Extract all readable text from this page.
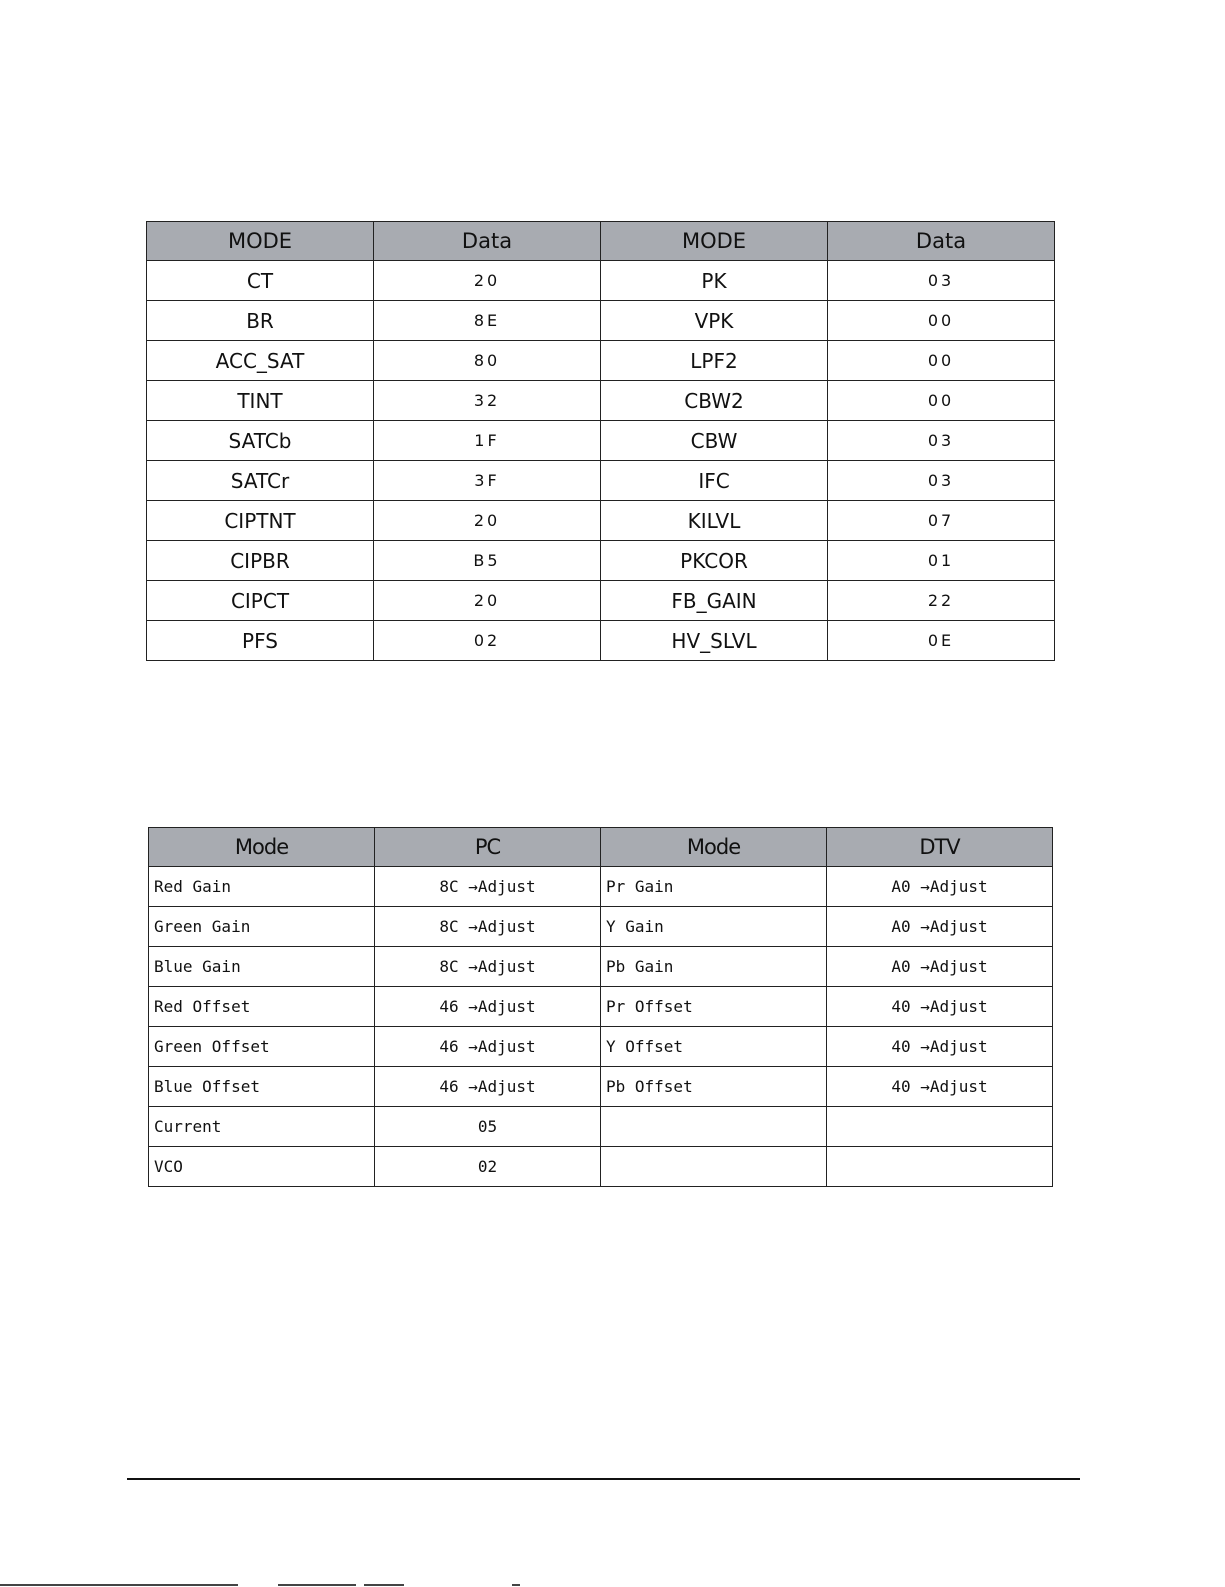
MODE	Data	MODE	Data
CT	20	PK	03
BR	8E	VPK	00
ACC_SAT	80	LPF2	00
TINT	32	CBW2	00
SATCb	1F	CBW	03
SATCr	3F	IFC	03
CIPTNT	20	KILVL	07
CIPBR	B5	PKCOR	01
CIPCT	20	FB_GAIN	22
PFS	02	HV_SLVL	0E
Mode	PC	Mode	DTV
Red Gain	8C →Adjust	Pr Gain	A0 →Adjust
Green Gain	8C →Adjust	Y Gain	A0 →Adjust
Blue Gain	8C →Adjust	Pb Gain	A0 →Adjust
Red Offset	46 →Adjust	Pr Offset	40 →Adjust
Green Offset	46 →Adjust	Y Offset	40 →Adjust
Blue Offset	46 →Adjust	Pb Offset	40 →Adjust
Current	05		
VCO	02		
